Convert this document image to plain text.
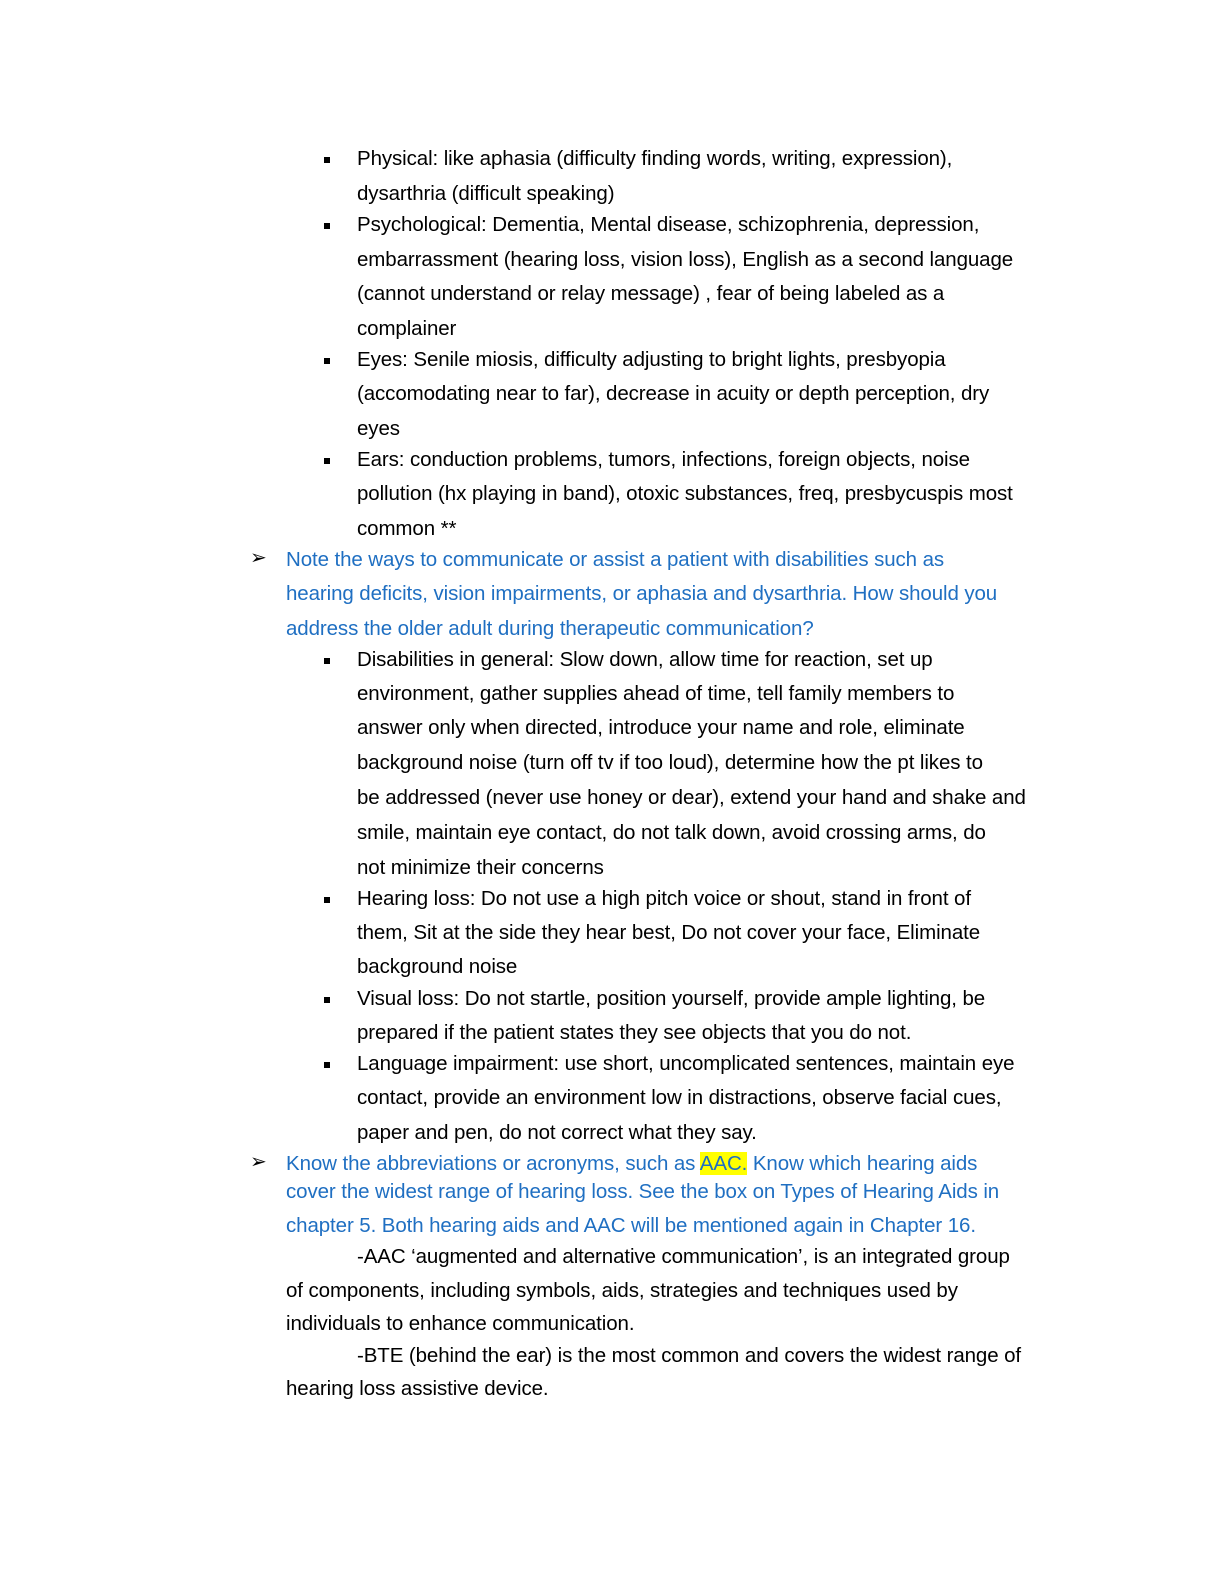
Physical: like aphasia (difficulty finding words, writing, expression),
dysarthria (difficult speaking)
Psychological: Dementia, Mental disease, schizophrenia, depression,
embarrassment (hearing loss, vision loss), English as a second language
(cannot understand or relay message) , fear of being labeled as a
complainer
Eyes: Senile miosis, difficulty adjusting to bright lights, presbyopia
(accomodating near to far), decrease in acuity or depth perception, dry
eyes
Ears: conduction problems, tumors, infections, foreign objects, noise
pollution (hx playing in band), otoxic substances, freq, presbycuspis most
common **
➢ Note the ways to communicate or assist a patient with disabilities such as
hearing deficits, vision impairments, or aphasia and dysarthria. How should you
address the older adult during therapeutic communication?
Disabilities in general: Slow down, allow time for reaction, set up
environment, gather supplies ahead of time, tell family members to
answer only when directed, introduce your name and role, eliminate
background noise (turn off tv if too loud), determine how the pt likes to
be addressed (never use honey or dear), extend your hand and shake and
smile, maintain eye contact, do not talk down, avoid crossing arms, do
not minimize their concerns
Hearing loss: Do not use a high pitch voice or shout, stand in front of
them, Sit at the side they hear best, Do not cover your face, Eliminate
background noise
Visual loss: Do not startle, position yourself, provide ample lighting, be
prepared if the patient states they see objects that you do not.
Language impairment: use short, uncomplicated sentences, maintain eye
contact, provide an environment low in distractions, observe facial cues,
paper and pen, do not correct what they say.
➢ Know the abbreviations or acronyms, such as AAC. Know which hearing aids
cover the widest range of hearing loss. See the box on Types of Hearing Aids in
chapter 5. Both hearing aids and AAC will be mentioned again in Chapter 16.
-AAC ‘augmented and alternative communication’, is an integrated group
of components, including symbols, aids, strategies and techniques used by
individuals to enhance communication.
-BTE (behind the ear) is the most common and covers the widest range of
hearing loss assistive device.
